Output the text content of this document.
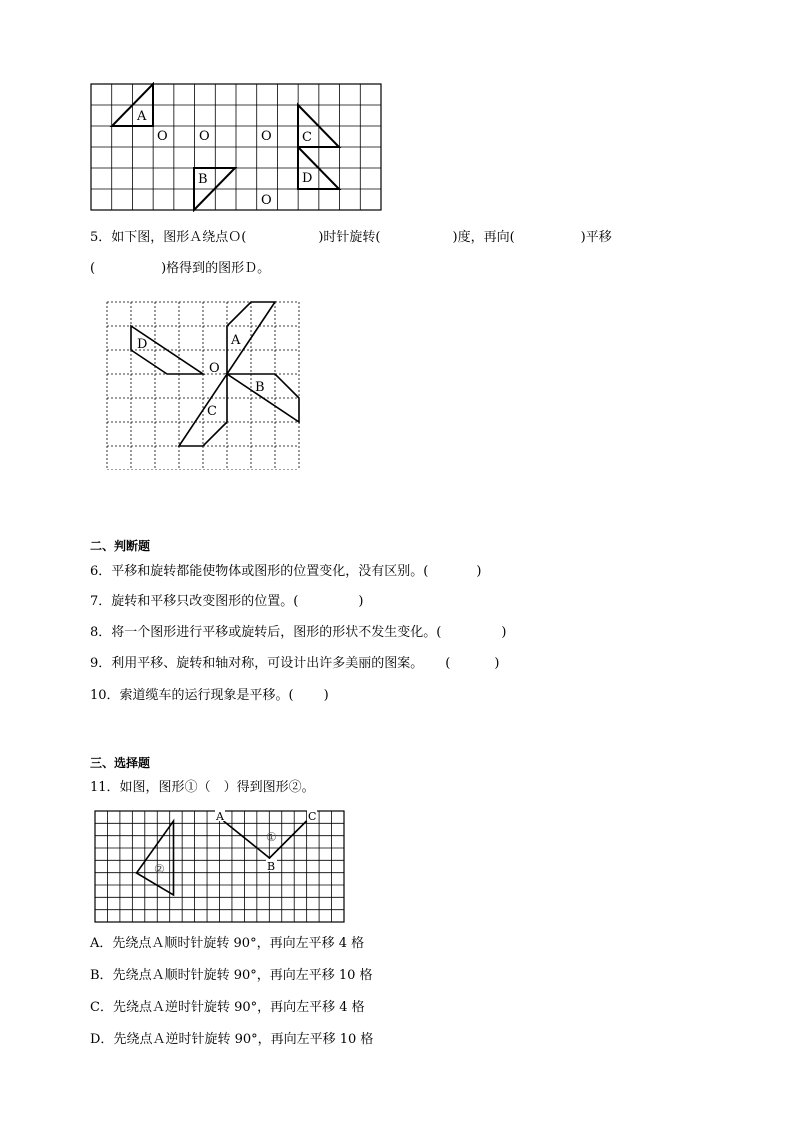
A
B
C
D
O O	O
O
5．如下图，图形Ａ绕点Ｏ(	)时针旋转(	)度，再向(	)平移
(	)格得到的图形Ｄ。
A
B
C
D
O
二、判断题
6．平移和旋转都能使物体或图形的位置变化，没有区别。(	)
7．旋转和平移只改变图形的位置。(	)
8．将一个图形进行平移或旋转后，图形的形状不发生变化。(	)
9．利用平移、旋转和轴对称，可设计出许多美丽的图案。 (	)
10．索道缆车的运行现象是平移。( )
三、选择题
11．如图，图形①（　）得到图形②。
A	C
B
①
②
A．先绕点Ａ顺时针旋转 90°，再向左平移 4 格
B．先绕点Ａ顺时针旋转 90°，再向左平移 10 格
C．先绕点Ａ逆时针旋转 90°，再向左平移 4 格
D．先绕点Ａ逆时针旋转 90°，再向左平移 10 格
